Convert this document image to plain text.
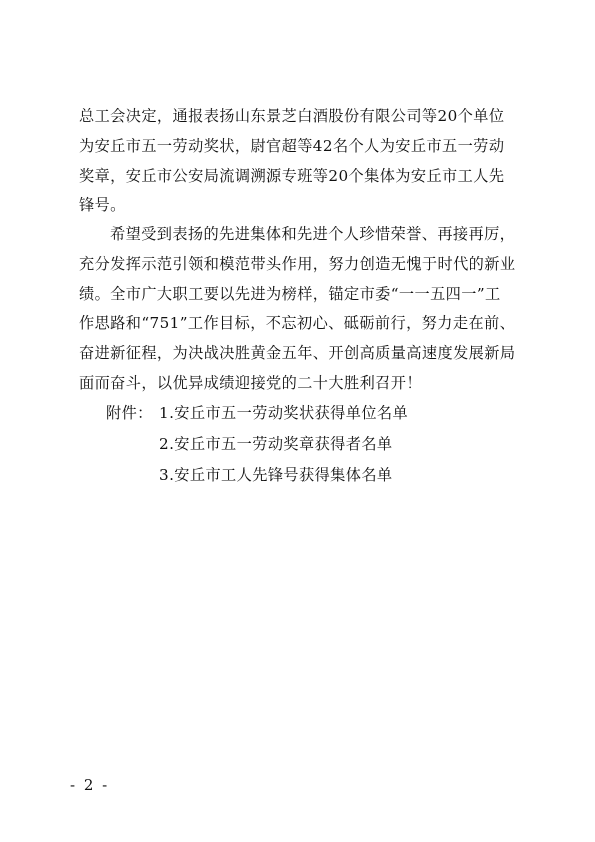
总工会决定，通报表扬山东景芝白酒股份有限公司等20个单位
为安丘市五一劳动奖状，尉官超等42名个人为安丘市五一劳动
奖章，安丘市公安局流调溯源专班等20个集体为安丘市工人先
锋号。

希望受到表扬的先进集体和先进个人珍惜荣誉、再接再厉，
充分发挥示范引领和模范带头作用，努力创造无愧于时代的新业
绩。全市广大职工要以先进为榜样，锚定市委“一一五四一”工
作思路和“751”工作目标，不忘初心、砥砺前行，努力走在前、
奋进新征程，为决战决胜黄金五年、开创高质量高速度发展新局
面而奋斗，以优异成绩迎接党的二十大胜利召开！

附件： 1.安丘市五一劳动奖状获得单位名单
2.安丘市五一劳动奖章获得者名单
3.安丘市工人先锋号获得集体名单
- 2 -
